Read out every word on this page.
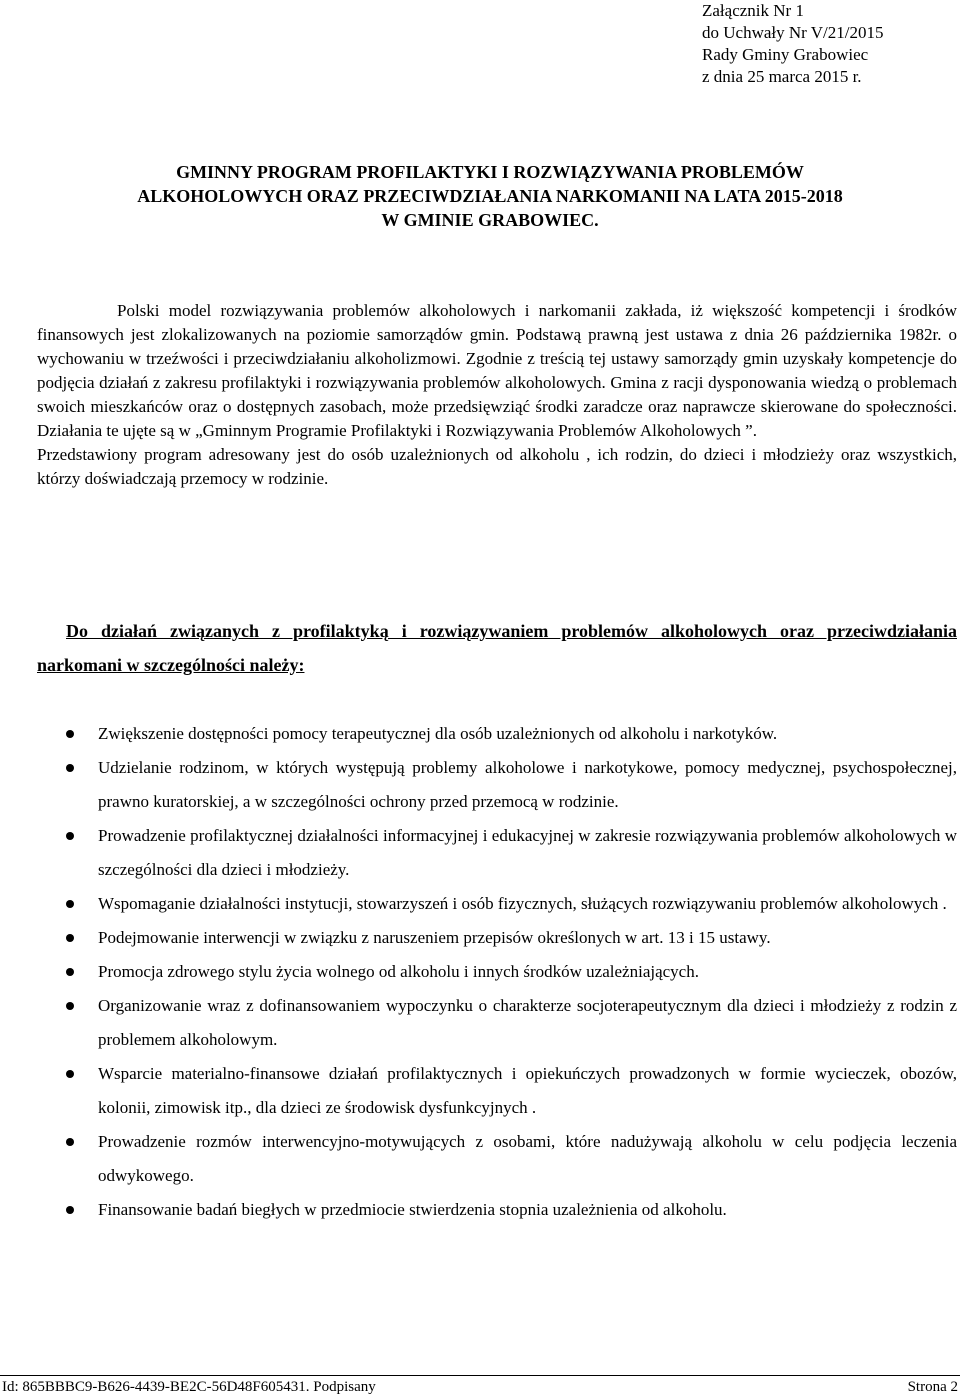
Załącznik Nr 1
do Uchwały Nr V/21/2015
Rady Gminy Grabowiec
z dnia 25 marca 2015 r.
GMINNY PROGRAM PROFILAKTYKI I ROZWIĄZYWANIA PROBLEMÓW
ALKOHOLOWYCH ORAZ PRZECIWDZIAŁANIA NARKOMANII NA LATA 2015-2018
W GMINIE GRABOWIEC.

Polski model rozwiązywania problemów alkoholowych i narkomanii zakłada, iż większość kompetencji i środków finansowych jest zlokalizowanych na poziomie samorządów gmin. Podstawą prawną jest ustawa z dnia 26 października 1982r. o wychowaniu w trzeźwości i przeciwdziałaniu alkoholizmowi. Zgodnie z treścią tej ustawy samorządy gmin uzyskały kompetencje do podjęcia działań z zakresu profilaktyki i rozwiązywania problemów alkoholowych. Gmina z racji dysponowania wiedzą o problemach swoich mieszkańców oraz o dostępnych zasobach, może przedsięwziąć środki zaradcze oraz naprawcze skierowane do społeczności. Działania te ujęte są w „Gminnym Programie Profilaktyki i Rozwiązywania Problemów Alkoholowych ”.

Przedstawiony program adresowany jest do osób uzależnionych od alkoholu , ich rodzin, do dzieci i młodzieży oraz wszystkich, którzy doświadczają przemocy w rodzinie.

Do działań związanych z profilaktyką i rozwiązywaniem problemów alkoholowych oraz przeciwdziałania narkomani w szczególności należy:
Zwiększenie dostępności pomocy terapeutycznej dla osób uzależnionych od alkoholu i narkotyków.
Udzielanie rodzinom, w których występują problemy alkoholowe i narkotykowe, pomocy medycznej, psychospołecznej, prawno kuratorskiej, a w szczególności ochrony przed przemocą w rodzinie.
Prowadzenie profilaktycznej działalności informacyjnej i edukacyjnej w zakresie rozwiązywania problemów alkoholowych w szczególności dla dzieci i młodzieży.
Wspomaganie działalności instytucji, stowarzyszeń i osób fizycznych, służących rozwiązywaniu problemów alkoholowych .
Podejmowanie interwencji w związku z naruszeniem przepisów określonych w art. 13 i 15 ustawy.
Promocja zdrowego stylu życia wolnego od alkoholu i innych środków uzależniających.
Organizowanie wraz z dofinansowaniem wypoczynku o charakterze socjoterapeutycznym dla dzieci i młodzieży z rodzin z problemem alkoholowym.
Wsparcie materialno-finansowe działań profilaktycznych i opiekuńczych prowadzonych w formie wycieczek, obozów, kolonii, zimowisk itp., dla dzieci ze środowisk dysfunkcyjnych .
Prowadzenie rozmów interwencyjno-motywujących z osobami, które nadużywają alkoholu w celu podjęcia leczenia odwykowego.
Finansowanie badań biegłych w przedmiocie stwierdzenia stopnia uzależnienia od alkoholu.
Id: 865BBBC9-B626-4439-BE2C-56D48F605431. Podpisany	Strona 2
